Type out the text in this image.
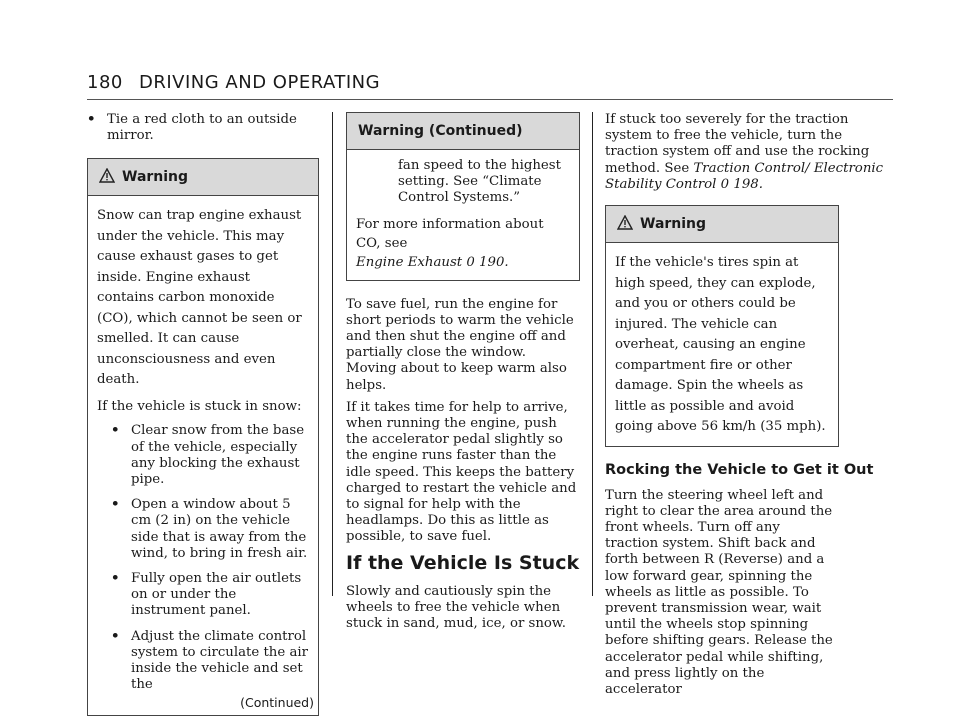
180 DRIVING AND OPERATING
• Tie a red cloth to an outside mirror.
Warning

Snow can trap engine exhaust under the vehicle. This may cause exhaust gases to get inside. Engine exhaust contains carbon monoxide (CO), which cannot be seen or smelled. It can cause unconsciousness and even death.

If the vehicle is stuck in snow:

• Clear snow from the base of the vehicle, especially any blocking the exhaust pipe.
• Open a window about 5 cm (2 in) on the vehicle side that is away from the wind, to bring in fresh air.
• Fully open the air outlets on or under the instrument panel.
• Adjust the climate control system to circulate the air inside the vehicle and set the
(Continued)
Warning (Continued)

fan speed to the highest setting. See “Climate Control Systems.”

For more information about CO, see
Engine Exhaust 0 190.

To save fuel, run the engine for short periods to warm the vehicle and then shut the engine off and partially close the window. Moving about to keep warm also helps.

If it takes time for help to arrive, when running the engine, push the accelerator pedal slightly so the engine runs faster than the idle speed. This keeps the battery charged to restart the vehicle and to signal for help with the headlamps. Do this as little as possible, to save fuel.

If the Vehicle Is Stuck

Slowly and cautiously spin the wheels to free the vehicle when stuck in sand, mud, ice, or snow.

If stuck too severely for the traction system to free the vehicle, turn the traction system off and use the rocking method. See Traction Control/ Electronic Stability Control 0 198.

Warning

If the vehicle's tires spin at high speed, they can explode, and you or others could be injured. The vehicle can overheat, causing an engine compartment fire or other damage. Spin the wheels as little as possible and avoid going above 56 km/h (35 mph).

Rocking the Vehicle to Get it Out

Turn the steering wheel left and right to clear the area around the front wheels. Turn off any traction system. Shift back and forth between R (Reverse) and a low forward gear, spinning the wheels as little as possible. To prevent transmission wear, wait until the wheels stop spinning before shifting gears. Release the accelerator pedal while shifting, and press lightly on the accelerator
